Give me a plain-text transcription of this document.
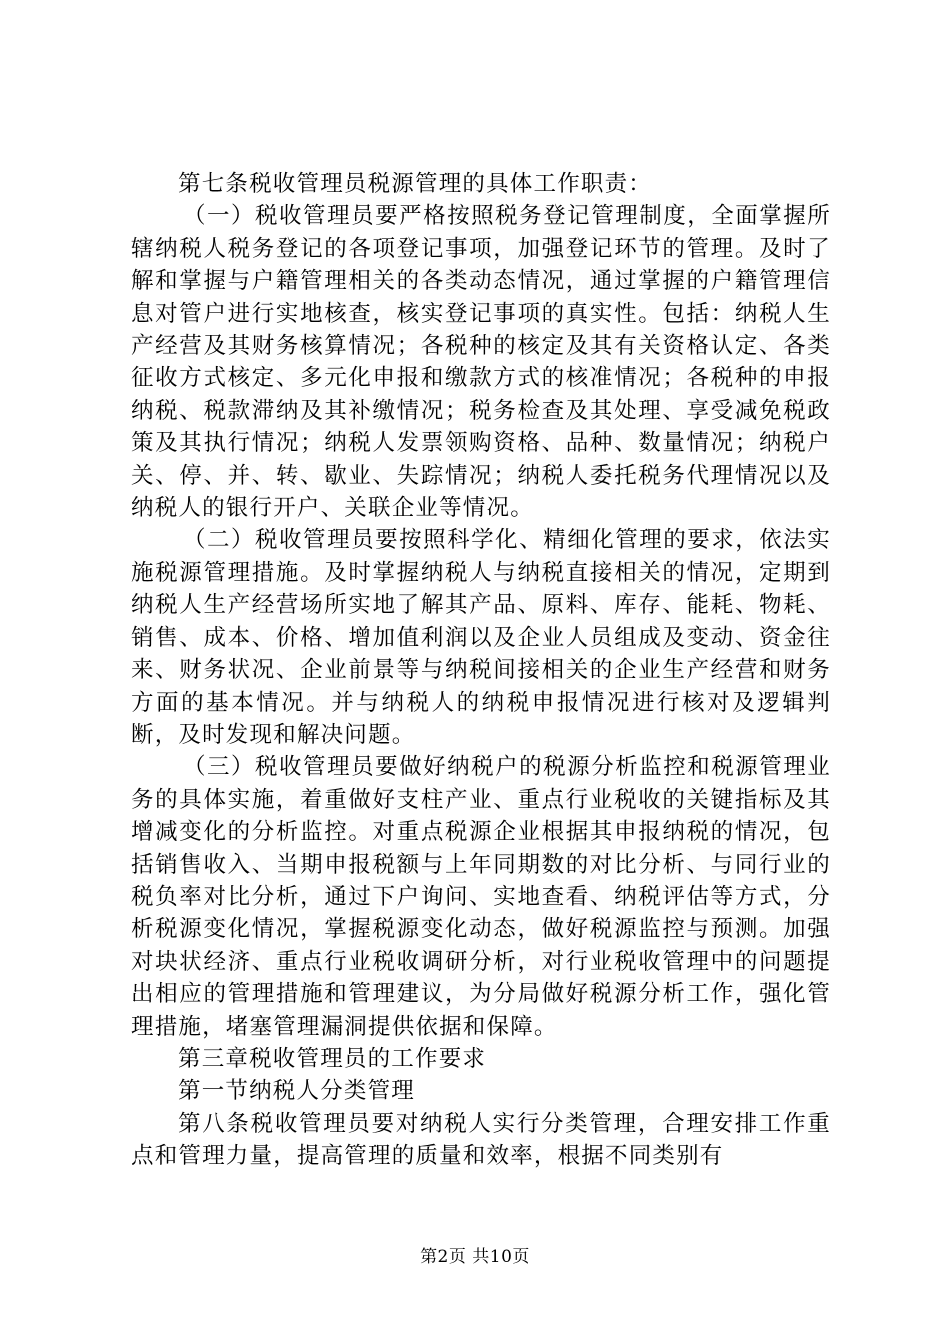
第七条税收管理员税源管理的具体工作职责：

（一）税收管理员要严格按照税务登记管理制度，全面掌握所辖纳税人税务登记的各项登记事项，加强登记环节的管理。及时了解和掌握与户籍管理相关的各类动态情况，通过掌握的户籍管理信息对管户进行实地核查，核实登记事项的真实性。包括：纳税人生产经营及其财务核算情况；各税种的核定及其有关资格认定、各类征收方式核定、多元化申报和缴款方式的核准情况；各税种的申报纳税、税款滞纳及其补缴情况；税务检查及其处理、享受减免税政策及其执行情况；纳税人发票领购资格、品种、数量情况；纳税户关、停、并、转、歇业、失踪情况；纳税人委托税务代理情况以及纳税人的银行开户、关联企业等情况。

（二）税收管理员要按照科学化、精细化管理的要求，依法实施税源管理措施。及时掌握纳税人与纳税直接相关的情况，定期到纳税人生产经营场所实地了解其产品、原料、库存、能耗、物耗、销售、成本、价格、增加值利润以及企业人员组成及变动、资金往来、财务状况、企业前景等与纳税间接相关的企业生产经营和财务方面的基本情况。并与纳税人的纳税申报情况进行核对及逻辑判断，及时发现和解决问题。

（三）税收管理员要做好纳税户的税源分析监控和税源管理业务的具体实施，着重做好支柱产业、重点行业税收的关键指标及其增减变化的分析监控。对重点税源企业根据其申报纳税的情况，包括销售收入、当期申报税额与上年同期数的对比分析、与同行业的税负率对比分析，通过下户询问、实地查看、纳税评估等方式，分析税源变化情况，掌握税源变化动态，做好税源监控与预测。加强对块状经济、重点行业税收调研分析，对行业税收管理中的问题提出相应的管理措施和管理建议，为分局做好税源分析工作，强化管理措施，堵塞管理漏洞提供依据和保障。

第三章税收管理员的工作要求

第一节纳税人分类管理

第八条税收管理员要对纳税人实行分类管理，合理安排工作重点和管理力量，提高管理的质量和效率，根据不同类别有

第2页 共10页
